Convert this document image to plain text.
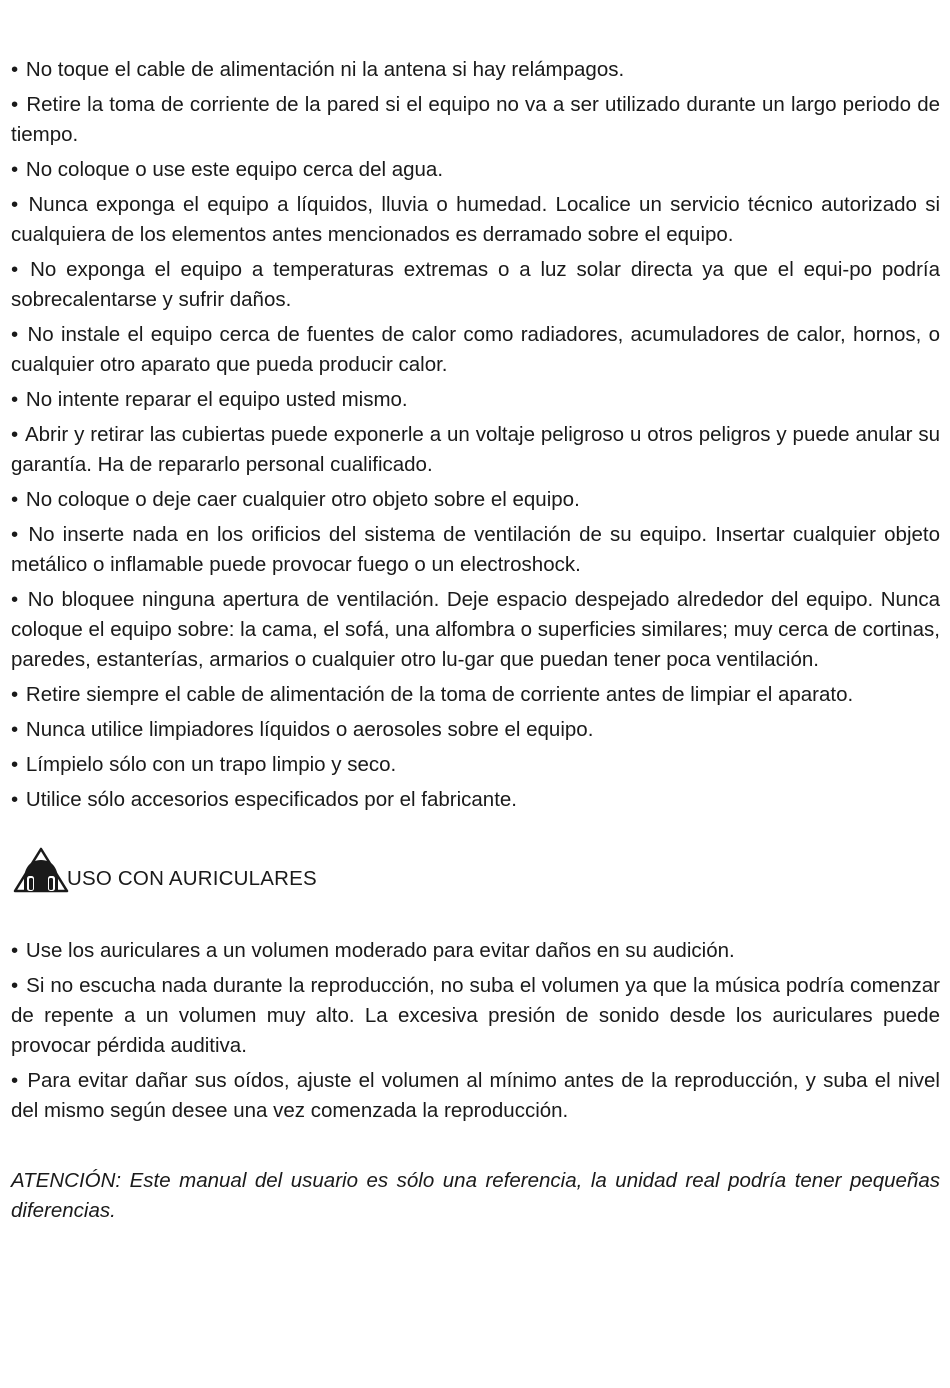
• No toque el cable de alimentación ni la antena si hay relámpagos.
• Retire la toma de corriente de la pared si el equipo no va a ser utilizado durante un largo periodo de tiempo.
• No coloque o use este equipo cerca del agua.
• Nunca exponga el equipo a líquidos, lluvia o humedad. Localice un servicio técnico autorizado si cualquiera de los elementos antes mencionados es derramado sobre el equipo.
• No exponga el equipo a temperaturas extremas o a luz solar directa ya que el equi-po podría sobrecalentarse y sufrir daños.
• No instale el equipo cerca de fuentes de calor como radiadores, acumuladores de calor, hornos, o cualquier otro aparato que pueda producir calor.
• No intente reparar el equipo usted mismo.
• Abrir y retirar las cubiertas puede exponerle a un voltaje peligroso u otros peligros y puede anular su garantía. Ha de repararlo personal cualificado.
• No coloque o deje caer cualquier otro objeto sobre el equipo.
• No inserte nada en los orificios del sistema de ventilación de su equipo. Insertar cualquier objeto metálico o inflamable puede provocar fuego o un electroshock.
• No bloquee ninguna apertura de ventilación. Deje espacio despejado alrededor del equipo. Nunca coloque el equipo sobre: la cama, el sofá, una alfombra o superficies similares; muy cerca de cortinas, paredes, estanterías, armarios o cualquier otro lu-gar que puedan tener poca ventilación.
• Retire siempre el cable de alimentación de la toma de corriente antes de limpiar el aparato.
• Nunca utilice limpiadores líquidos o aerosoles sobre el equipo.
• Límpielo sólo con un trapo limpio y seco.
• Utilice sólo accesorios especificados por el fabricante.
USO CON AURICULARES
• Use los auriculares a un volumen moderado para evitar daños en su audición.
• Si no escucha nada durante la reproducción, no suba el volumen ya que la música podría comenzar de repente a un volumen muy alto. La excesiva presión de sonido desde los auriculares puede provocar pérdida auditiva.
• Para evitar dañar sus oídos, ajuste el volumen al mínimo antes de la reproducción, y suba el nivel del mismo según desee una vez comenzada la reproducción.

ATENCIÓN: Este manual del usuario es sólo una referencia, la unidad real podría tener pequeñas diferencias.
